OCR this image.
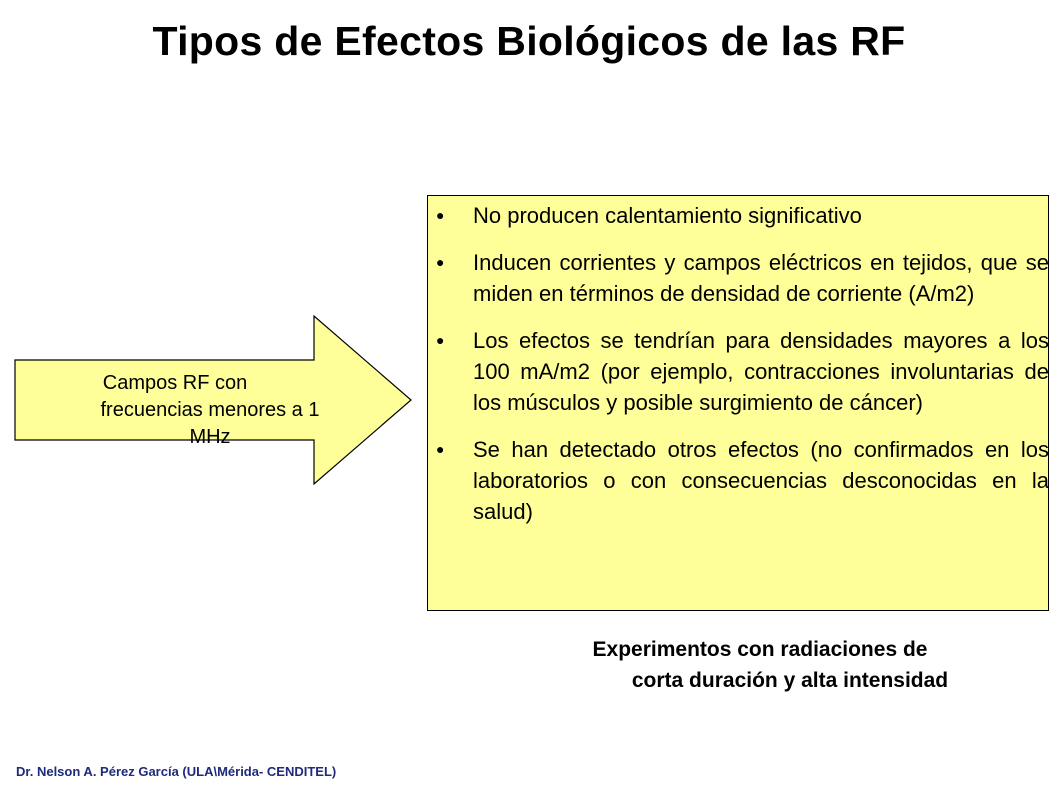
Tipos de Efectos Biológicos de las RF
Campos RF con
frecuencias menores a 1
MHz
● No producen calentamiento significativo
● Inducen corrientes y campos eléctricos en tejidos, que se miden en términos de densidad de corriente (A/m2)
● Los efectos se tendrían para densidades mayores a los 100 mA/m2 (por ejemplo, contracciones involuntarias de los músculos y posible surgimiento de cáncer)
● Se han detectado otros efectos (no confirmados en los laboratorios o con consecuencias desconocidas en la salud)
Experimentos con radiaciones de
corta duración y alta intensidad
Dr. Nelson A. Pérez García (ULA\Mérida- CENDITEL)
